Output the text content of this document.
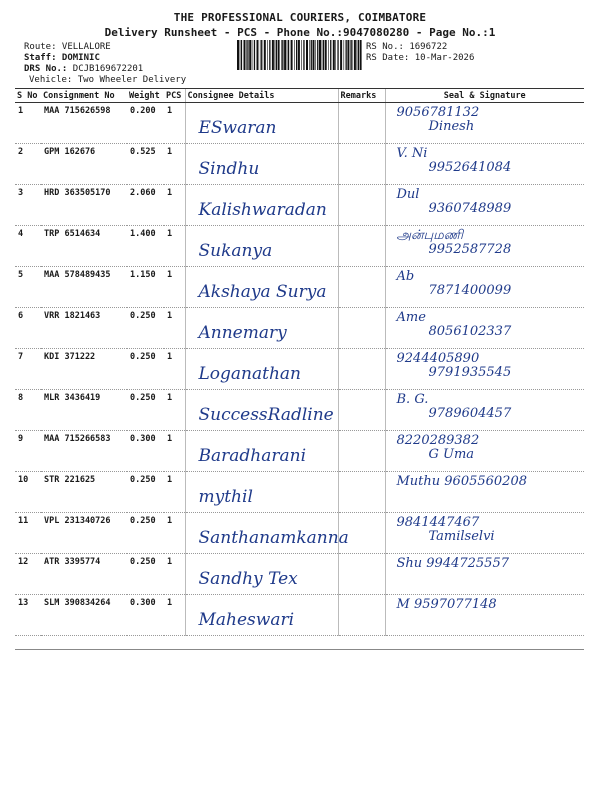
THE PROFESSIONAL COURIERS, COIMBATORE
Delivery Runsheet - PCS - Phone No.:9047080280 - Page No.:1
Route: VELLALORE
Staff: DOMINIC
DRS No.: DCJB169672201
Vehicle: Two Wheeler Delivery
RS No.: 1696722
RS Date: 10-Mar-2026
S No	Consignment No	Weight	PCS	Consignee Details	Remarks	Seal & Signature
1	MAA 715626598	0.200	1	ESwaran		9056781132
Dinesh

2	GPM 162676	0.525	1	Sindhu		V. Ni
9952641084

3	HRD 363505170	2.060	1	Kalishwaradan		Dul
9360748989

4	TRP 6514634	1.400	1	Sukanya		அன்புமணி
9952587728

5	MAA 578489435	1.150	1	Akshaya Surya		Ab
7871400099

6	VRR 1821463	0.250	1	Annemary		Ame
8056102337

7	KDI 371222	0.250	1	Loganathan		9244405890
9791935545

8	MLR 3436419	0.250	1	SuccessRadline		B. G.
9789604457

9	MAA 715266583	0.300	1	Baradharani		8220289382
G Uma

10	STR 221625	0.250	1	mythil		Muthu 9605560208

11	VPL 231340726	0.250	1	Santhanamkanna		9841447467
Tamilselvi

12	ATR 3395774	0.250	1	Sandhy Tex		Shu 9944725557

13	SLM 390834264	0.300	1	Maheswari		M 9597077148
